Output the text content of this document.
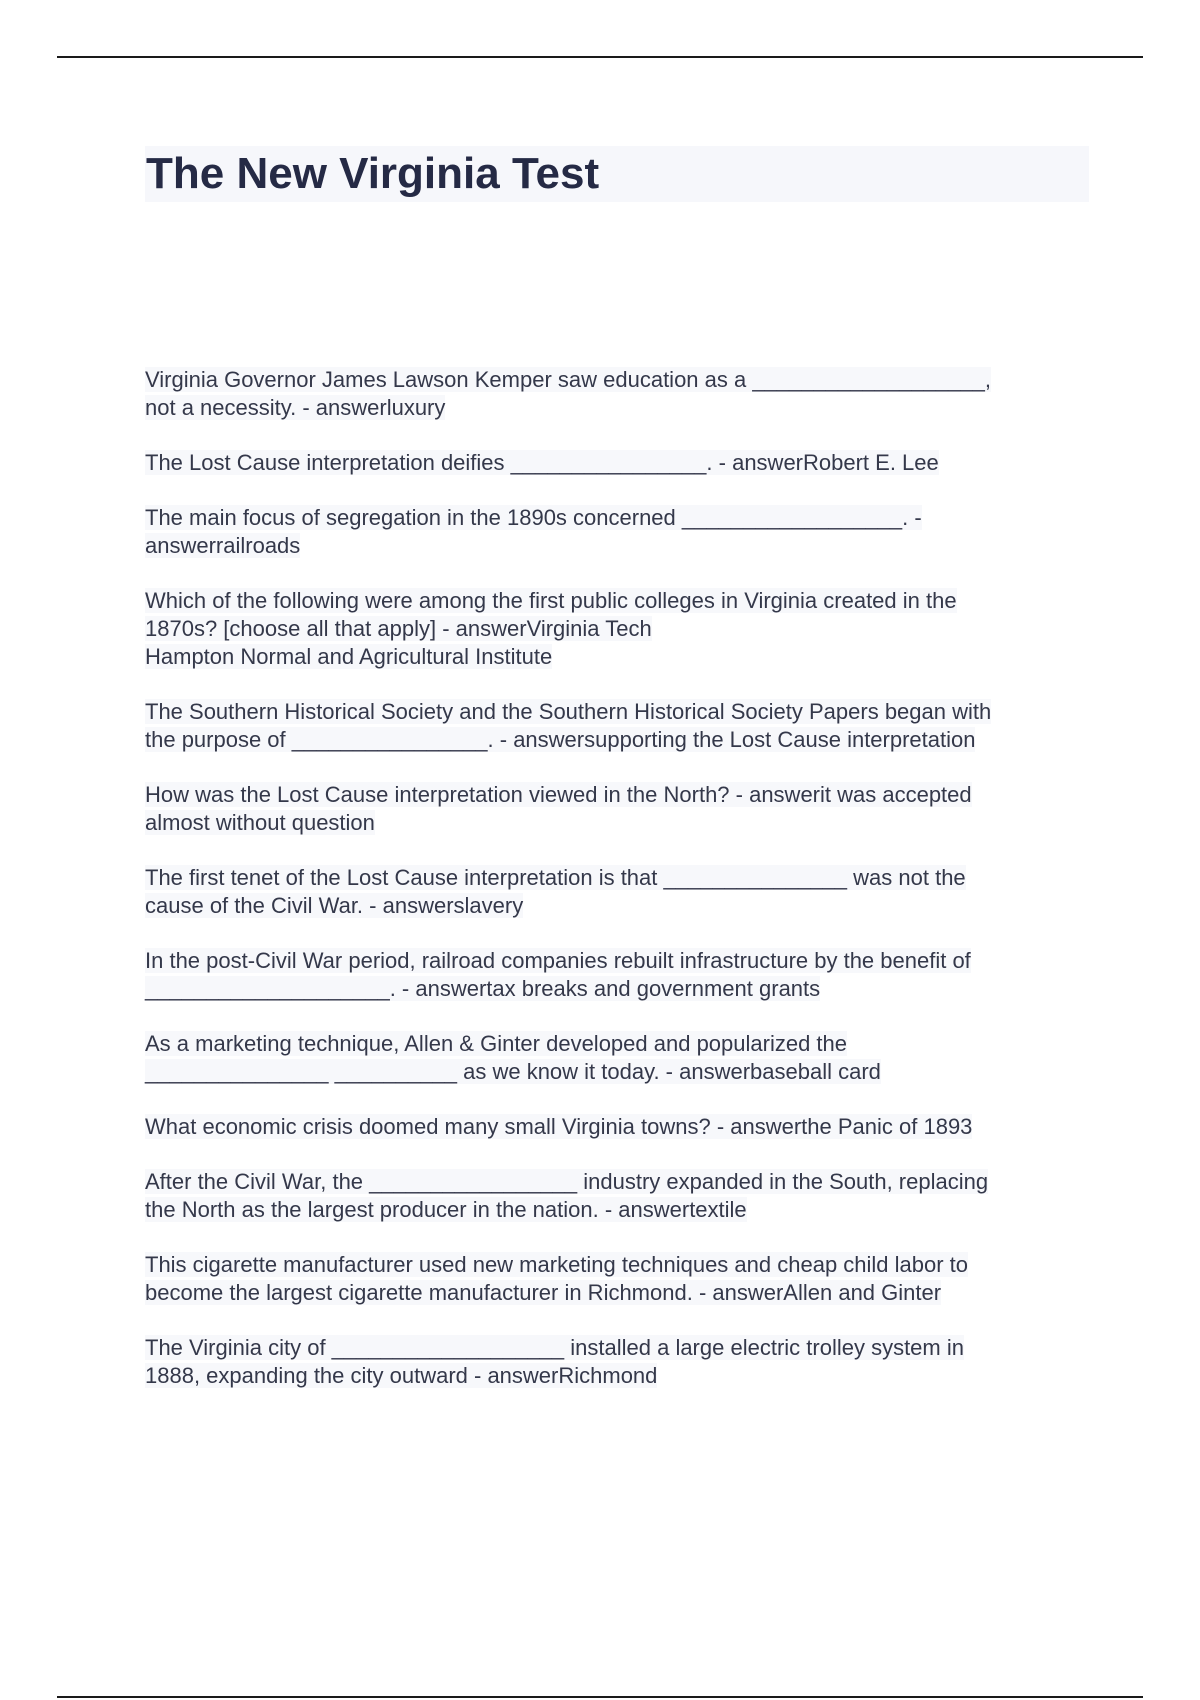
The New Virginia Test

Virginia Governor James Lawson Kemper saw education as a ___________________,
not a necessity. - answerluxury

The Lost Cause interpretation deifies ________________. - answerRobert E. Lee

The main focus of segregation in the 1890s concerned __________________. -
answerrailroads

Which of the following were among the first public colleges in Virginia created in the
1870s? [choose all that apply] - answerVirginia Tech
Hampton Normal and Agricultural Institute

The Southern Historical Society and the Southern Historical Society Papers began with
the purpose of ________________. - answersupporting the Lost Cause interpretation

How was the Lost Cause interpretation viewed in the North? - answerit was accepted
almost without question

The first tenet of the Lost Cause interpretation is that _______________ was not the
cause of the Civil War. - answerslavery

In the post-Civil War period, railroad companies rebuilt infrastructure by the benefit of
____________________. - answertax breaks and government grants

As a marketing technique, Allen & Ginter developed and popularized the
_______________ __________ as we know it today. - answerbaseball card

What economic crisis doomed many small Virginia towns? - answerthe Panic of 1893

After the Civil War, the _________________ industry expanded in the South, replacing
the North as the largest producer in the nation. - answertextile

This cigarette manufacturer used new marketing techniques and cheap child labor to
become the largest cigarette manufacturer in Richmond. - answerAllen and Ginter

The Virginia city of ___________________ installed a large electric trolley system in
1888, expanding the city outward - answerRichmond
